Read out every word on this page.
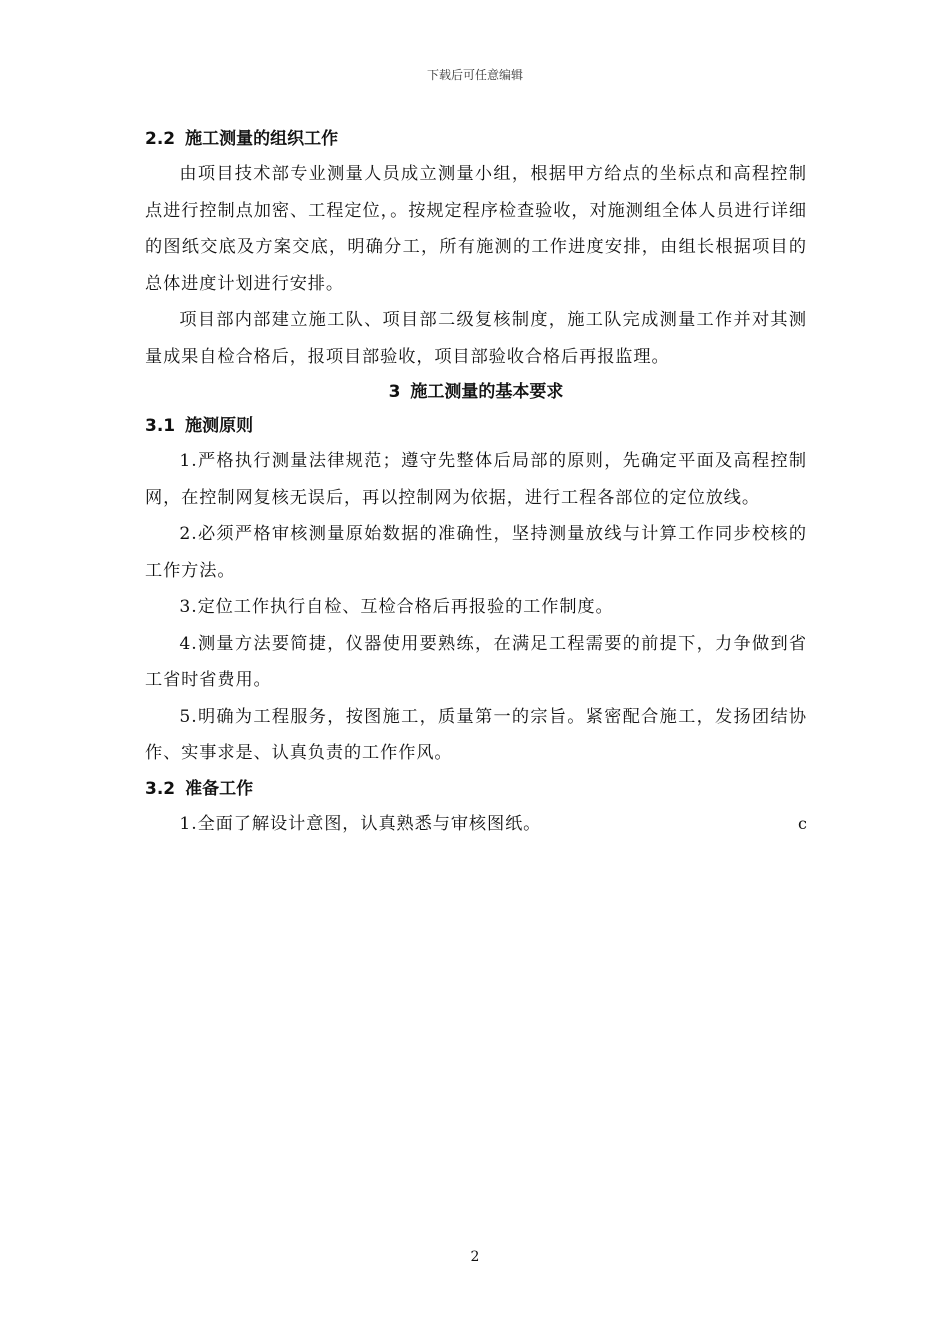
下载后可任意编辑
2.2 施工测量的组织工作

由项目技术部专业测量人员成立测量小组，根据甲方给点的坐标点和高程控制点进行控制点加密、工程定位，。按规定程序检查验收，对施测组全体人员进行详细的图纸交底及方案交底，明确分工，所有施测的工作进度安排，由组长根据项目的总体进度计划进行安排。

项目部内部建立施工队、项目部二级复核制度，施工队完成测量工作并对其测量成果自检合格后，报项目部验收，项目部验收合格后再报监理。

3 施工测量的基本要求
3.1 施测原则

1.严格执行测量法律规范；遵守先整体后局部的原则，先确定平面及高程控制网，在控制网复核无误后，再以控制网为依据，进行工程各部位的定位放线。

2.必须严格审核测量原始数据的准确性，坚持测量放线与计算工作同步校核的工作方法。

3.定位工作执行自检、互检合格后再报验的工作制度。

4.测量方法要简捷，仪器使用要熟练，在满足工程需要的前提下，力争做到省工省时省费用。

5.明确为工程服务，按图施工，质量第一的宗旨。紧密配合施工，发扬团结协作、实事求是、认真负责的工作作风。

3.2 准备工作

1.全面了解设计意图，认真熟悉与审核图纸。	c
2
